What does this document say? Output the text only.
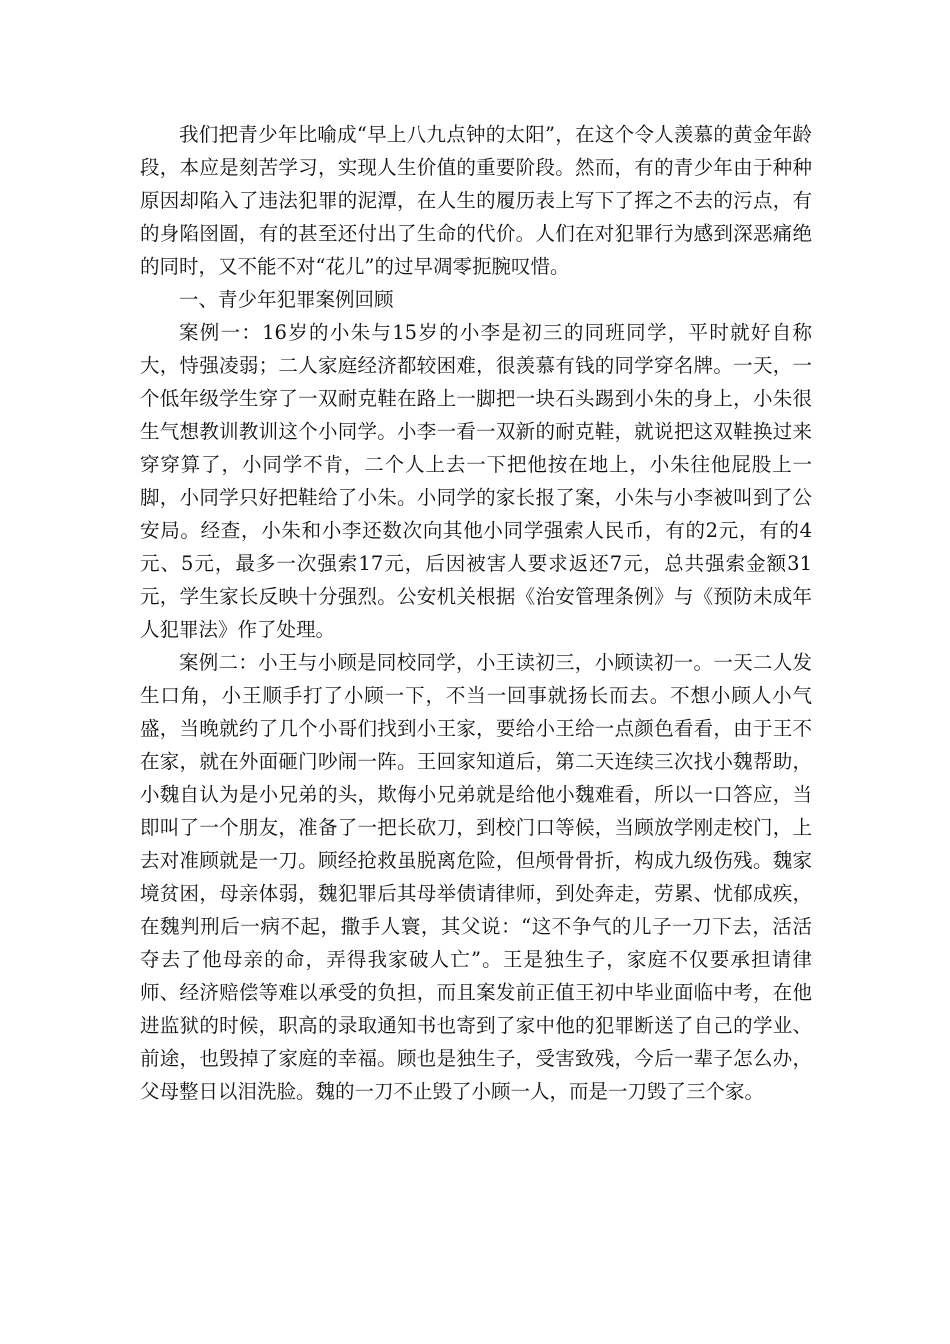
我们把青少年比喻成“早上八九点钟的太阳”，在这个令人羡慕的黄金年龄段，本应是刻苦学习，实现人生价值的重要阶段。然而，有的青少年由于种种原因却陷入了违法犯罪的泥潭，在人生的履历表上写下了挥之不去的污点，有的身陷囹圄，有的甚至还付出了生命的代价。人们在对犯罪行为感到深恶痛绝的同时，又不能不对“花儿”的过早凋零扼腕叹惜。

一、青少年犯罪案例回顾

案例一：16岁的小朱与15岁的小李是初三的同班同学，平时就好自称大，恃强凌弱；二人家庭经济都较困难，很羡慕有钱的同学穿名牌。一天，一个低年级学生穿了一双耐克鞋在路上一脚把一块石头踢到小朱的身上，小朱很生气想教训教训这个小同学。小李一看一双新的耐克鞋，就说把这双鞋换过来穿穿算了，小同学不肯，二个人上去一下把他按在地上，小朱往他屁股上一脚，小同学只好把鞋给了小朱。小同学的家长报了案，小朱与小李被叫到了公安局。经查，小朱和小李还数次向其他小同学强索人民币，有的2元，有的4元、5元，最多一次强索17元，后因被害人要求返还7元，总共强索金额31元，学生家长反映十分强烈。公安机关根据《治安管理条例》与《预防未成年人犯罪法》作了处理。

案例二：小王与小顾是同校同学，小王读初三，小顾读初一。一天二人发生口角，小王顺手打了小顾一下，不当一回事就扬长而去。不想小顾人小气盛，当晚就约了几个小哥们找到小王家，要给小王给一点颜色看看，由于王不在家，就在外面砸门吵闹一阵。王回家知道后，第二天连续三次找小魏帮助，小魏自认为是小兄弟的头，欺侮小兄弟就是给他小魏难看，所以一口答应，当即叫了一个朋友，准备了一把长砍刀，到校门口等候，当顾放学刚走校门，上去对准顾就是一刀。顾经抢救虽脱离危险，但颅骨骨折，构成九级伤残。魏家境贫困，母亲体弱，魏犯罪后其母举债请律师，到处奔走，劳累、忧郁成疾，在魏判刑后一病不起，撒手人寰，其父说：“这不争气的儿子一刀下去，活活夺去了他母亲的命，弄得我家破人亡”。王是独生子，家庭不仅要承担请律师、经济赔偿等难以承受的负担，而且案发前正值王初中毕业面临中考，在他进监狱的时候，职高的录取通知书也寄到了家中他的犯罪断送了自己的学业、前途，也毁掉了家庭的幸福。顾也是独生子，受害致残，今后一辈子怎么办，父母整日以泪洗脸。魏的一刀不止毁了小顾一人，而是一刀毁了三个家。
